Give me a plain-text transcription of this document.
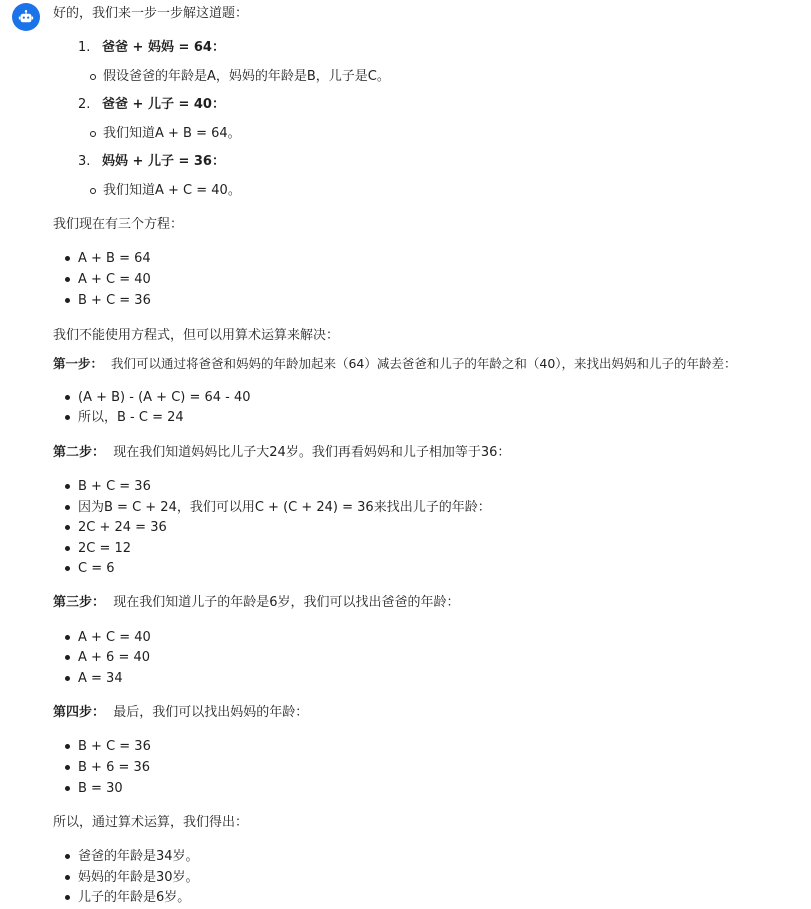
好的，我们来一步一步解这道题：
1. 爸爸 + 妈妈 = 64：
假设爸爸的年龄是A，妈妈的年龄是B，儿子是C。
2. 爸爸 + 儿子 = 40：
我们知道A + B = 64。
3. 妈妈 + 儿子 = 36：
我们知道A + C = 40。
我们现在有三个方程：
A + B = 64
A + C = 40
B + C = 36
我们不能使用方程式，但可以用算术运算来解决：
第一步： 我们可以通过将爸爸和妈妈的年龄加起来（64）减去爸爸和儿子的年龄之和（40），来找出妈妈和儿子的年龄差：
(A + B) - (A + C) = 64 - 40
所以，B - C = 24
第二步： 现在我们知道妈妈比儿子大24岁。我们再看妈妈和儿子相加等于36：
B + C = 36
因为B = C + 24，我们可以用C + (C + 24) = 36来找出儿子的年龄：
2C + 24 = 36
2C = 12
C = 6
第三步： 现在我们知道儿子的年龄是6岁，我们可以找出爸爸的年龄：
A + C = 40
A + 6 = 40
A = 34
第四步： 最后，我们可以找出妈妈的年龄：
B + C = 36
B + 6 = 36
B = 30
所以，通过算术运算，我们得出：
爸爸的年龄是34岁。
妈妈的年龄是30岁。
儿子的年龄是6岁。
